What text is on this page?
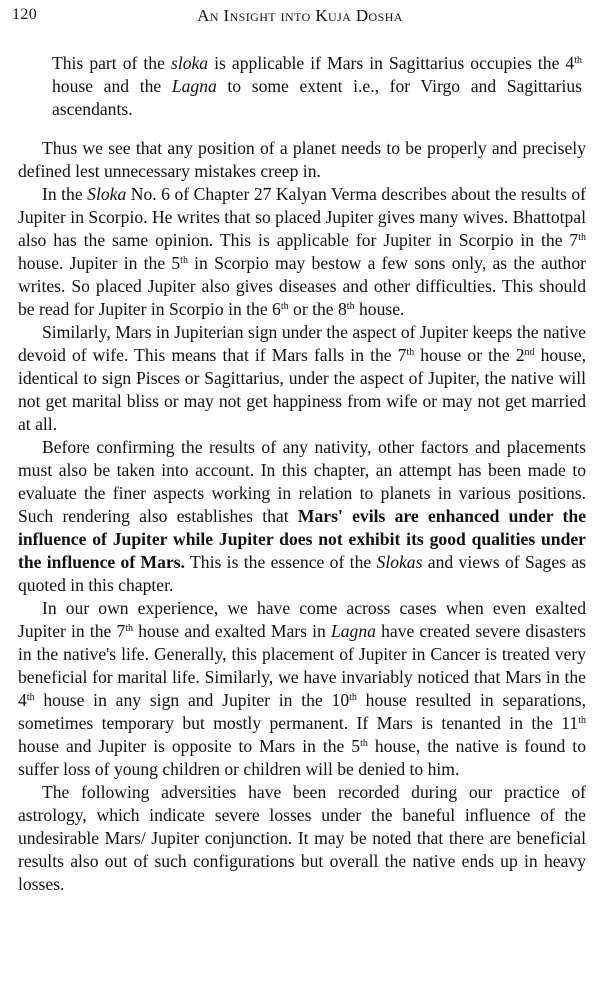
120	An Insight into Kuja Dosha

This part of the sloka is applicable if Mars in Sagittarius occupies the 4th house and the Lagna to some extent i.e., for Virgo and Sagittarius ascendants.

Thus we see that any position of a planet needs to be properly and precisely defined lest unnecessary mistakes creep in.

In the Sloka No. 6 of Chapter 27 Kalyan Verma describes about the results of Jupiter in Scorpio. He writes that so placed Jupiter gives many wives. Bhattotpal also has the same opinion. This is applicable for Jupiter in Scorpio in the 7th house. Jupiter in the 5th in Scorpio may bestow a few sons only, as the author writes. So placed Jupiter also gives diseases and other difficulties. This should be read for Jupiter in Scorpio in the 6th or the 8th house.

Similarly, Mars in Jupiterian sign under the aspect of Jupiter keeps the native devoid of wife. This means that if Mars falls in the 7th house or the 2nd house, identical to sign Pisces or Sagittarius, under the aspect of Jupiter, the native will not get marital bliss or may not get happiness from wife or may not get married at all.

Before confirming the results of any nativity, other factors and placements must also be taken into account. In this chapter, an attempt has been made to evaluate the finer aspects working in relation to planets in various positions. Such rendering also establishes that Mars' evils are enhanced under the influence of Jupiter while Jupiter does not exhibit its good qualities under the influence of Mars. This is the essence of the Slokas and views of Sages as quoted in this chapter.

In our own experience, we have come across cases when even exalted Jupiter in the 7th house and exalted Mars in Lagna have created severe disasters in the native's life. Generally, this placement of Jupiter in Cancer is treated very beneficial for marital life. Similarly, we have invariably noticed that Mars in the 4th house in any sign and Jupiter in the 10th house resulted in separations, sometimes temporary but mostly permanent. If Mars is tenanted in the 11th house and Jupiter is opposite to Mars in the 5th house, the native is found to suffer loss of young children or children will be denied to him.

The following adversities have been recorded during our practice of astrology, which indicate severe losses under the baneful influence of the undesirable Mars/ Jupiter conjunction. It may be noted that there are beneficial results also out of such configurations but overall the native ends up in heavy losses.
